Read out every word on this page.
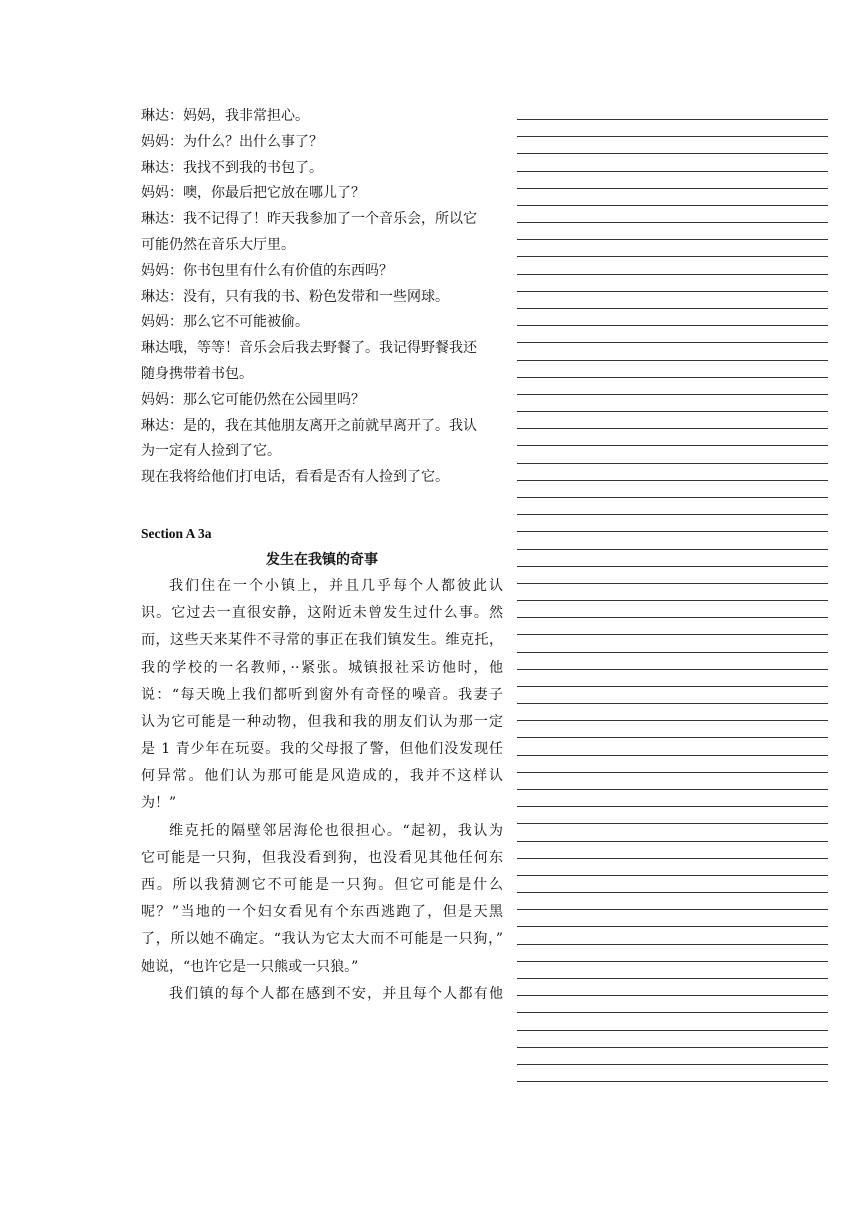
琳达：妈妈，我非常担心。
妈妈：为什么？出什么事了？
琳达：我找不到我的书包了。
妈妈：噢，你最后把它放在哪儿了？
琳达：我不记得了！昨天我参加了一个音乐会，所以它
可能仍然在音乐大厅里。
妈妈：你书包里有什么有价值的东西吗？
琳达：没有，只有我的书、粉色发带和一些网球。
妈妈：那么它不可能被偷。
琳达哦，等等！音乐会后我去野餐了。我记得野餐我还
随身携带着书包。
妈妈：那么它可能仍然在公园里吗？
琳达：是的，我在其他朋友离开之前就早离开了。我认
为一定有人捡到了它。
现在我将给他们打电话，看看是否有人捡到了它。
Section A 3a
发生在我镇的奇事
我们住在一个小镇上，并且几乎每个人都彼此认
识。它过去一直很安静，这附近未曾发生过什么事。然
而，这些天来某件不寻常的事正在我们镇发生。维克托，
我的学校的一名教师，··紧张。城镇报社采访他时，他
说：“每天晚上我们都听到窗外有奇怪的噪音。我妻子
认为它可能是一种动物，但我和我的朋友们认为那一定
是 1 青少年在玩耍。我的父母报了警，但他们没发现任
何异常。他们认为那可能是风造成的，我并不这样认
为！”
维克托的隔壁邻居海伦也很担心。“起初，我认为
它可能是一只狗，但我没看到狗，也没看见其他任何东
西。所以我猜测它不可能是一只狗。但它可能是什么
呢？”当地的一个妇女看见有个东西逃跑了，但是天黑
了，所以她不确定。“我认为它太大而不可能是一只狗，”
她说，“也许它是一只熊或一只狼。”
我们镇的每个人都在感到不安，并且每个人都有他
